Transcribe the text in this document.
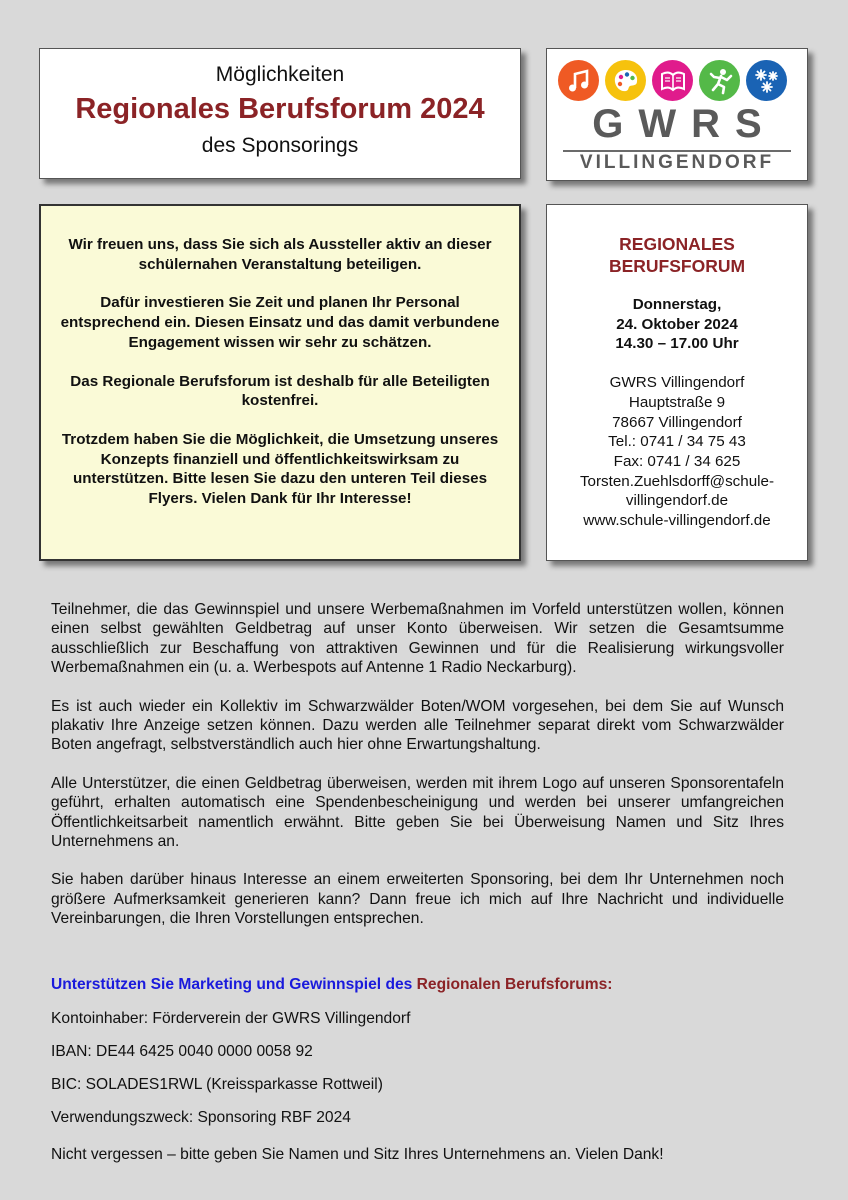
Möglichkeiten
Regionales Berufsforum 2024
des Sponsorings	GWRS
VILLINGENDORF

Wir freuen uns, dass Sie sich als Aussteller aktiv an dieser schülernahen Veranstaltung beteiligen.

Dafür investieren Sie Zeit und planen Ihr Personal entsprechend ein. Diesen Einsatz und das damit verbundene Engagement wissen wir sehr zu schätzen.

Das Regionale Berufsforum ist deshalb für alle Beteiligten kostenfrei.

Trotzdem haben Sie die Möglichkeit, die Umsetzung unseres Konzepts finanziell und öffentlichkeitswirksam zu unterstützen. Bitte lesen Sie dazu den unteren Teil dieses Flyers. Vielen Dank für Ihr Interesse!

REGIONALES
BERUFSFORUM
Donnerstag,
24. Oktober 2024
14.30 – 17.00 Uhr
GWRS Villingendorf
Hauptstraße 9
78667 Villingendorf
Tel.: 0741 / 34 75 43
Fax: 0741 / 34 625
Torsten.Zuehlsdorff@schule-
villingendorf.de
www.schule-villingendorf.de

Teilnehmer, die das Gewinnspiel und unsere Werbemaßnahmen im Vorfeld unterstützen wollen, können einen selbst gewählten Geldbetrag auf unser Konto überweisen. Wir setzen die Gesamtsumme ausschließlich zur Beschaffung von attraktiven Gewinnen und für die Realisierung wirkungsvoller Werbemaßnahmen ein (u. a. Werbespots auf Antenne 1 Radio Neckarburg).

Es ist auch wieder ein Kollektiv im Schwarzwälder Boten/WOM vorgesehen, bei dem Sie auf Wunsch plakativ Ihre Anzeige setzen können. Dazu werden alle Teilnehmer separat direkt vom Schwarzwälder Boten angefragt, selbstverständlich auch hier ohne Erwartungshaltung.

Alle Unterstützer, die einen Geldbetrag überweisen, werden mit ihrem Logo auf unseren Sponsorentafeln geführt, erhalten automatisch eine Spendenbescheinigung und werden bei unserer umfangreichen Öffentlichkeitsarbeit namentlich erwähnt. Bitte geben Sie bei Überweisung Namen und Sitz Ihres Unternehmens an.

Sie haben darüber hinaus Interesse an einem erweiterten Sponsoring, bei dem Ihr Unternehmen noch größere Aufmerksamkeit generieren kann? Dann freue ich mich auf Ihre Nachricht und individuelle Vereinbarungen, die Ihren Vorstellungen entsprechen.

Unterstützen Sie Marketing und Gewinnspiel des Regionalen Berufsforums:

Kontoinhaber: Förderverein der GWRS Villingendorf

IBAN: DE44 6425 0040 0000 0058 92

BIC: SOLADES1RWL (Kreissparkasse Rottweil)

Verwendungszweck: Sponsoring RBF 2024

Nicht vergessen – bitte geben Sie Namen und Sitz Ihres Unternehmens an. Vielen Dank!
